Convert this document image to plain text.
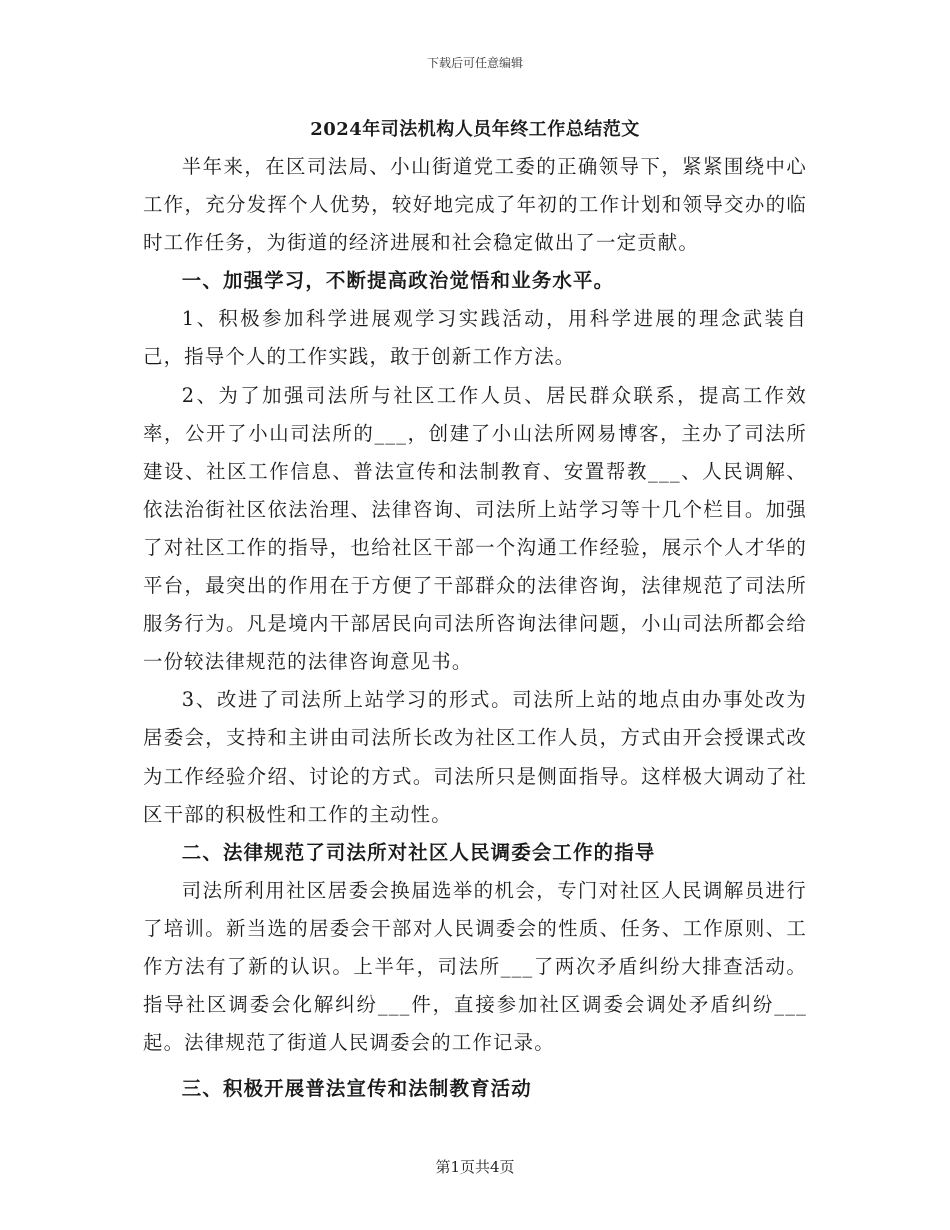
下载后可任意编辑
2024年司法机构人员年终工作总结范文

半年来，在区司法局、小山街道党工委的正确领导下，紧紧围绕中心工作，充分发挥个人优势，较好地完成了年初的工作计划和领导交办的临时工作任务，为街道的经济进展和社会稳定做出了一定贡献。

一、加强学习，不断提高政治觉悟和业务水平。

1、积极参加科学进展观学习实践活动，用科学进展的理念武装自己，指导个人的工作实践，敢于创新工作方法。

2、为了加强司法所与社区工作人员、居民群众联系，提高工作效率，公开了小山司法所的___，创建了小山法所网易博客，主办了司法所建设、社区工作信息、普法宣传和法制教育、安置帮教___、人民调解、依法治街社区依法治理、法律咨询、司法所上站学习等十几个栏目。加强了对社区工作的指导，也给社区干部一个沟通工作经验，展示个人才华的平台，最突出的作用在于方便了干部群众的法律咨询，法律规范了司法所服务行为。凡是境内干部居民向司法所咨询法律问题，小山司法所都会给一份较法律规范的法律咨询意见书。

3、改进了司法所上站学习的形式。司法所上站的地点由办事处改为居委会，支持和主讲由司法所长改为社区工作人员，方式由开会授课式改为工作经验介绍、讨论的方式。司法所只是侧面指导。这样极大调动了社区干部的积极性和工作的主动性。

二、法律规范了司法所对社区人民调委会工作的指导

司法所利用社区居委会换届选举的机会，专门对社区人民调解员进行了培训。新当选的居委会干部对人民调委会的性质、任务、工作原则、工作方法有了新的认识。上半年，司法所___了两次矛盾纠纷大排查活动。指导社区调委会化解纠纷___件，直接参加社区调委会调处矛盾纠纷___起。法律规范了街道人民调委会的工作记录。

三、积极开展普法宣传和法制教育活动

第1页共4页
